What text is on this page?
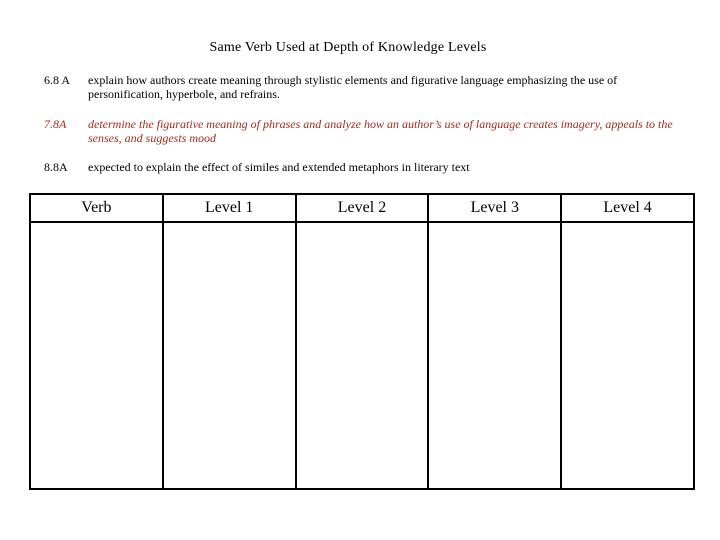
Same Verb Used at Depth of Knowledge Levels
6.8 A	explain how authors create meaning through stylistic elements and figurative language emphasizing the use of personification, hyperbole, and refrains.
7.8A	determine the figurative meaning of phrases and analyze how an author’s use of language creates imagery, appeals to the senses, and suggests mood
8.8A	expected to explain the effect of similes and extended metaphors in literary text
Verb	Level 1	Level 2	Level 3	Level 4
